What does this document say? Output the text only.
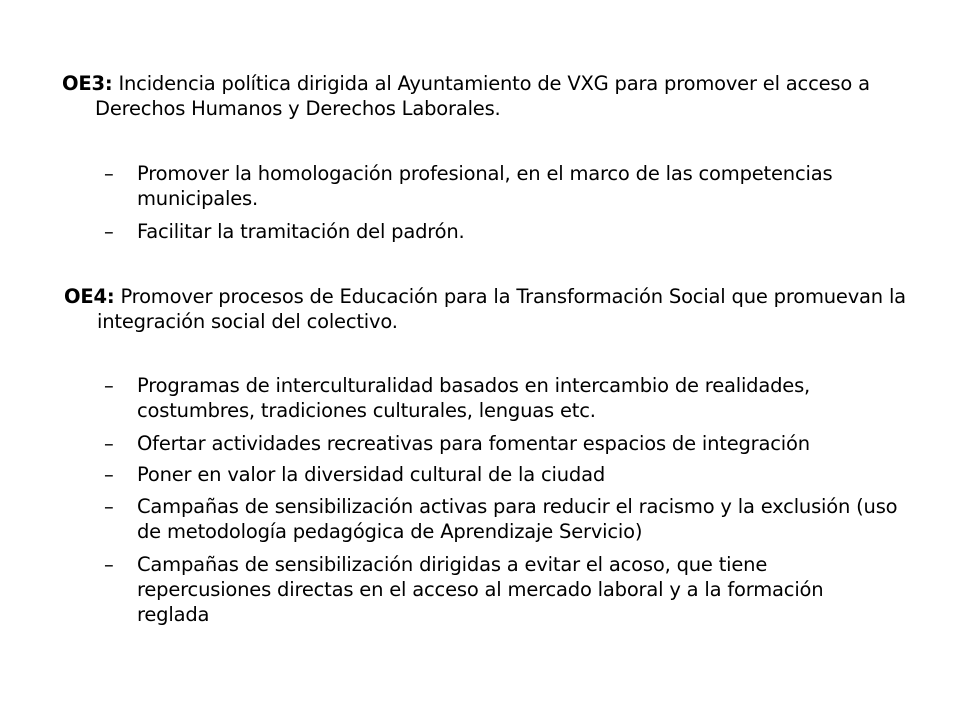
OE3: Incidencia política dirigida al Ayuntamiento de VXG para promover el acceso a Derechos Humanos y Derechos Laborales.
– Promover la homologación profesional, en el marco de las competencias municipales.
– Facilitar la tramitación del padrón.
OE4: Promover procesos de Educación para la Transformación Social que promuevan la integración social del colectivo.
– Programas de interculturalidad basados en intercambio de realidades, costumbres, tradiciones culturales, lenguas etc.
– Ofertar actividades recreativas para fomentar espacios de integración
– Poner en valor la diversidad cultural de la ciudad
– Campañas de sensibilización activas para reducir el racismo y la exclusión (uso de metodología pedagógica de Aprendizaje Servicio)
– Campañas de sensibilización dirigidas a evitar el acoso, que tiene repercusiones directas en el acceso al mercado laboral y a la formación reglada
